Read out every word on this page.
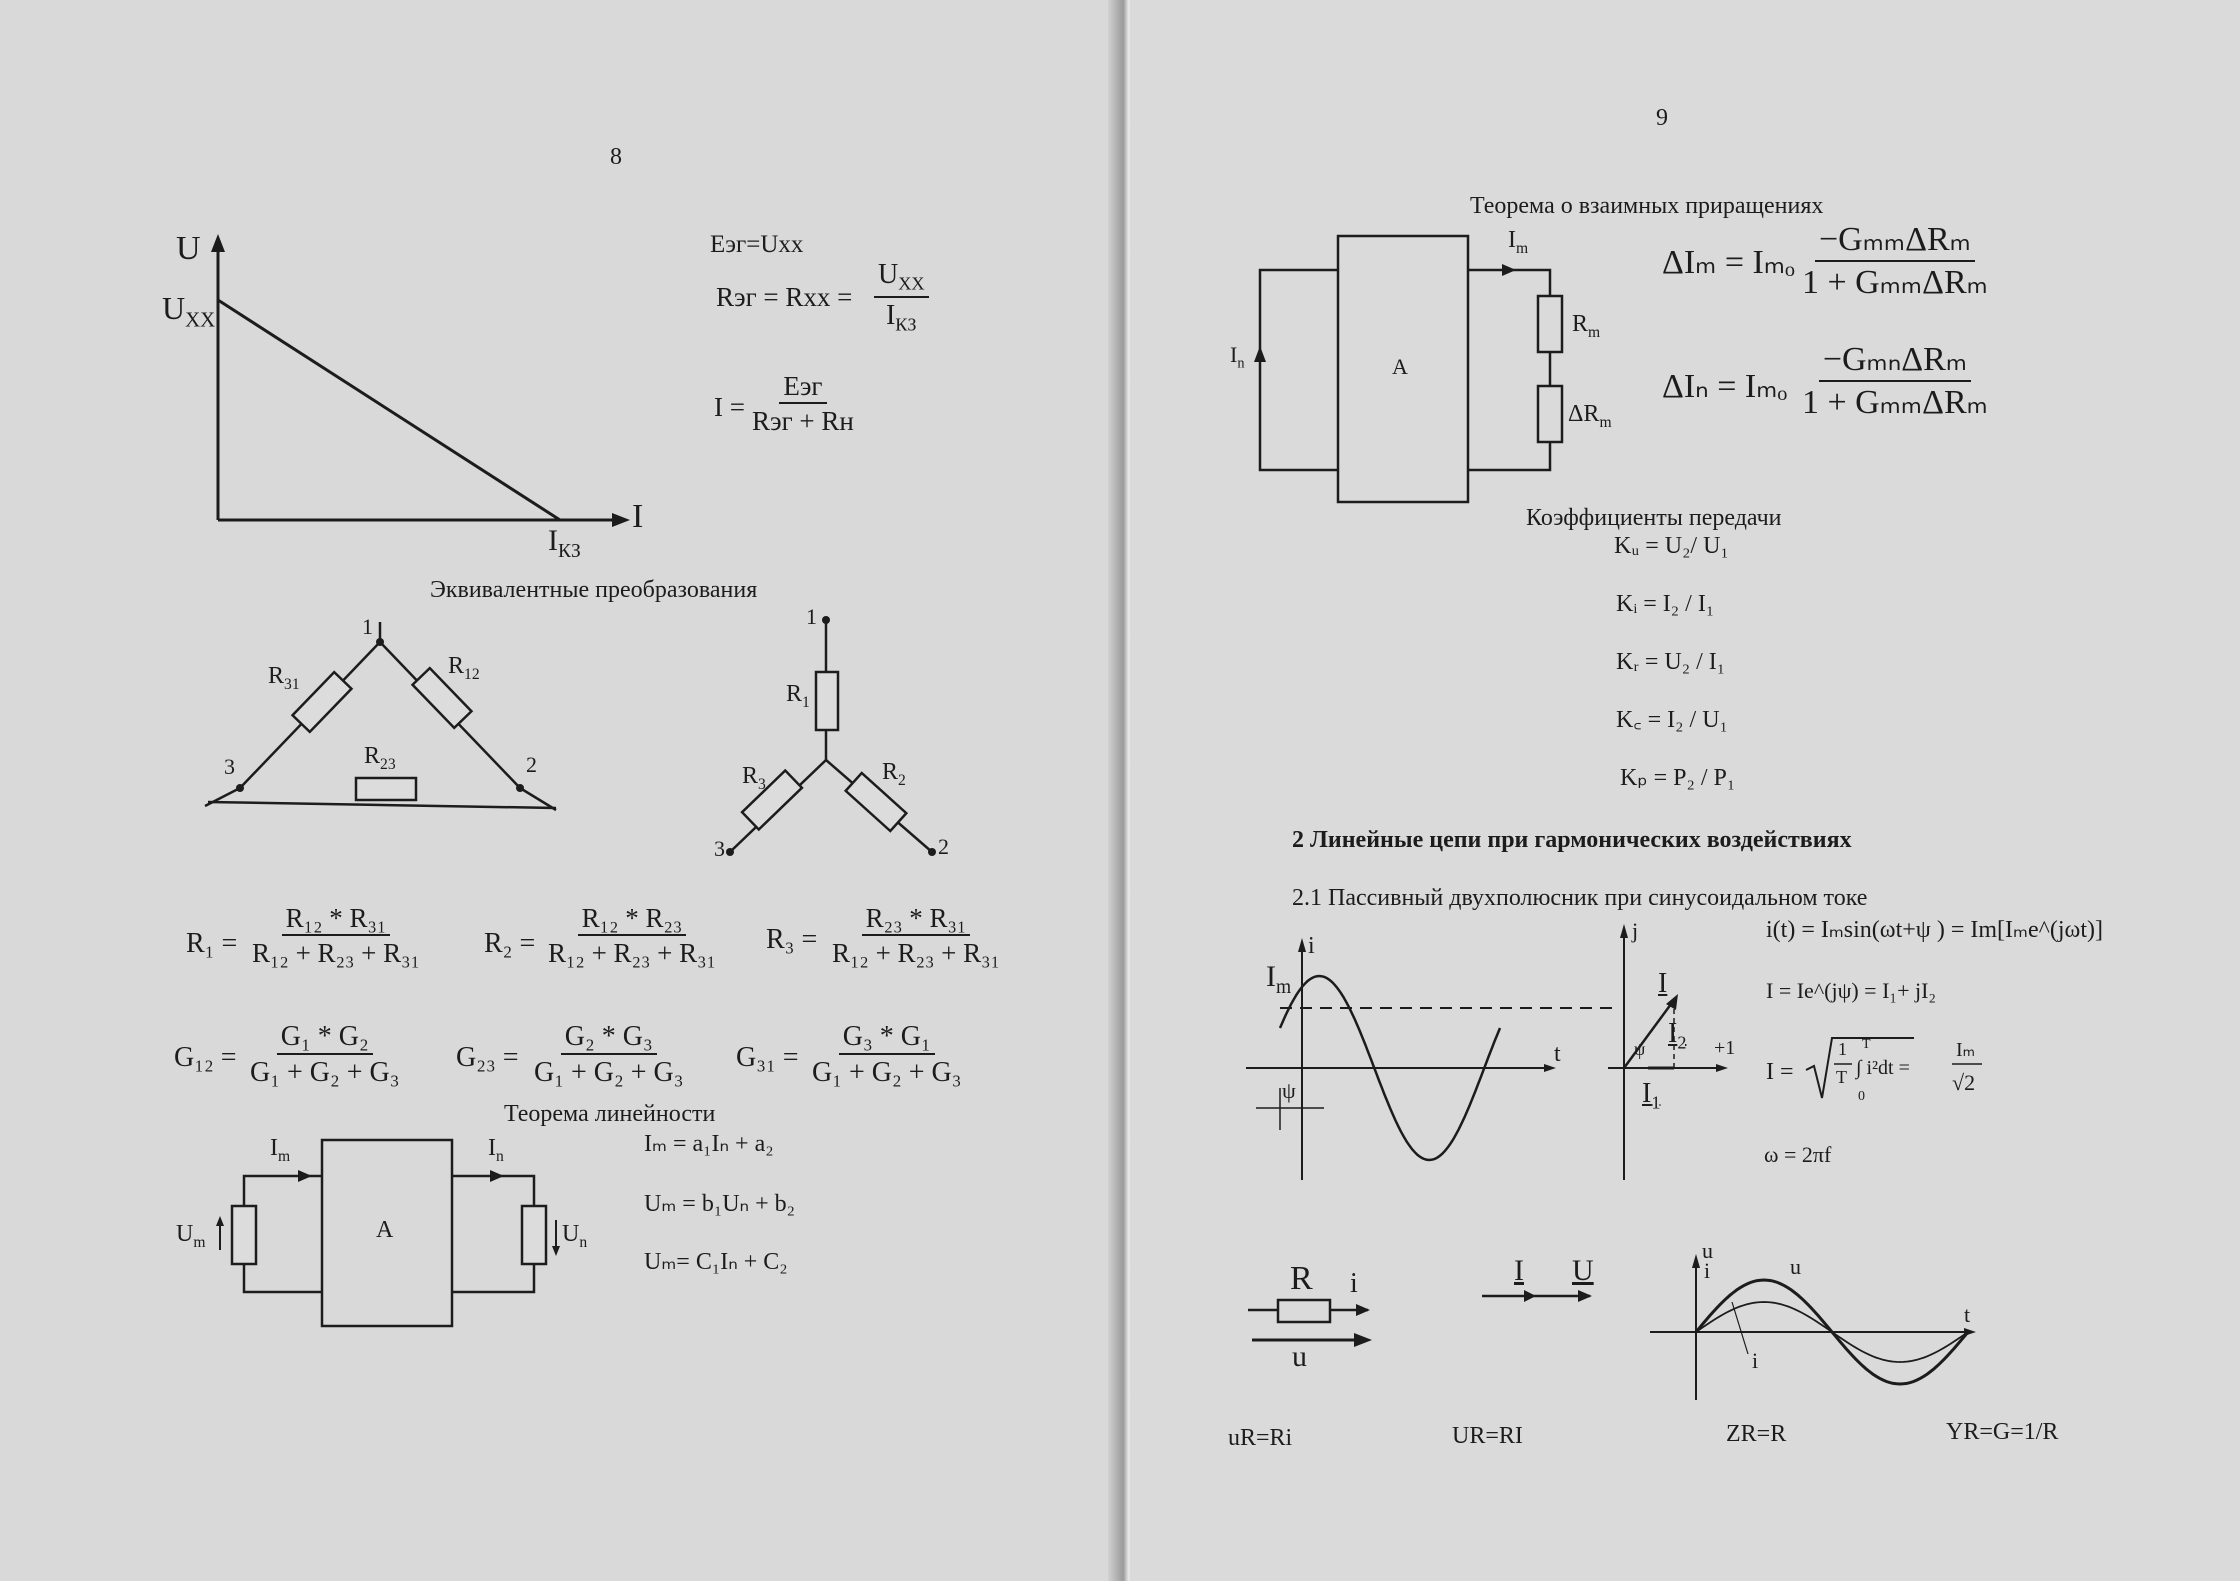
8
U
$U_{XX}$
I
$I_{КЗ}$
Eэг=Uxx
Rэг = Rхх =
$U_{XX}$
$I_{КЗ}$
I =
Eэг
Rэг + Rн
Эквивалентные преобразования
1
3	2
$R_{31}$
$R_{12}$
$R_{23}$
1
3	2
$R_1$
$R_3$	$R_2$
$R_1 = \frac{\text{R₁₂ * R₃₁}}{\text{R₁₂ + R₂₃ + R₃₁}} R_2 = \frac{\text{R₁₂ * R₂₃}}{\text{R₁₂ + R₂₃ + R₃₁}} R_3 = \frac{\text{R₂₃ * R₃₁}}{\text{R₁₂ + R₂₃ + R₃₁}}$
$G_{12} = \frac{\text{G₁ * G₂}}{\text{G₁ + G₂ + G₃}} G_{23} = \frac{\text{G₂ * G₃}}{\text{G₁ + G₂ + G₃}} G_{31} = \frac{\text{G₃ * G₁}}{\text{G₁ + G₂ + G₃}}$
Теорема линейности
A
$I_m$	$I_n$
$U_m$	$U_n$
Iₘ = a₁Iₙ + a₂
Uₘ = b₁Uₙ + b₂
Uₘ= C₁Iₙ + C₂
9
Теорема о взаимных приращениях
A
$I_m$
$I_n$
$R_m$
$\Delta R_m$
ΔIₘ = Iₘₒ
−GₘₘΔRₘ
1 + GₘₘΔRₘ
ΔIₙ = Iₘₒ
−GₘₙΔRₘ
1 + GₘₘΔRₘ
Коэффициенты передачи
Kᵤ = U₂/ U₁
Kᵢ = I₂ / I₁
Kᵣ = U₂ / I₁
K꜀ = I₂ / U₁
Kₚ = P₂ / P₁
2 Линейные цепи при гармонических воздействиях
2.1 Пассивный двухполюсник при синусоидальном токе
i
t
$I_m$
ψ
j
+1
I
$I_2$
$I_1$
ψ
i(t) = Iₘsin(ωt+ψ ) = Im[Iₘe^(jωt)]
I = Ie^(jψ) = I₁+ jI₂
I =
1
T
T
0
∫ i²dt =
Iₘ
√2
ω = 2πf
R i
u
I U
u
i
t
u
i
uR=Ri	UR=RI	ZR=R	YR=G=1/R
